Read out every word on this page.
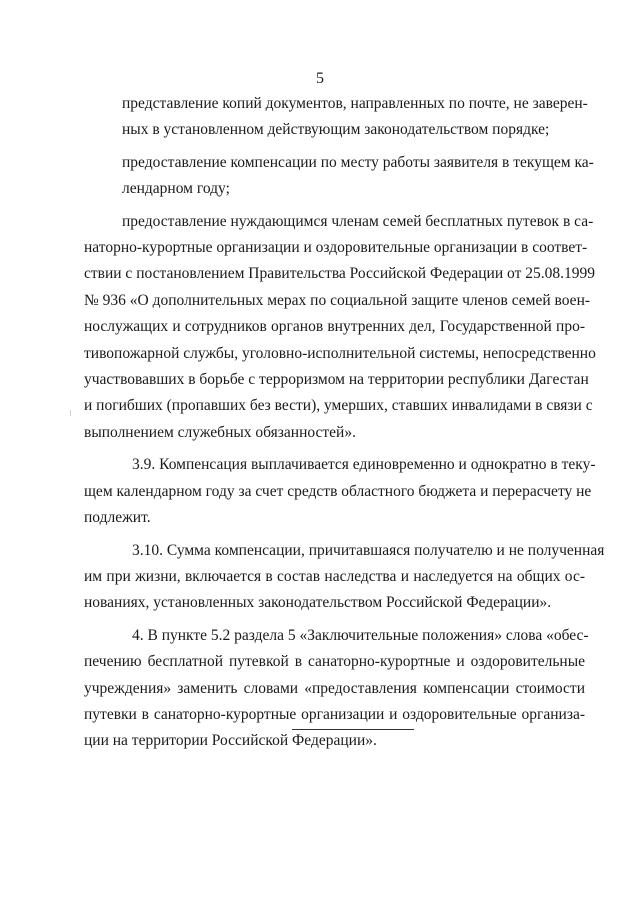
5

представление копий документов, направленных по почте, не заверен-
ных в установленном действующим законодательством порядке;

предоставление компенсации по месту работы заявителя в текущем ка-
лендарном году;

предоставление нуждающимся членам семей бесплатных путевок в са-
наторно-курортные организации и оздоровительные организации в соответ-
ствии с постановлением Правительства Российской Федерации от 25.08.1999
№ 936 «О дополнительных мерах по социальной защите членов семей воен-
нослужащих и сотрудников органов внутренних дел, Государственной про-
тивопожарной службы, уголовно-исполнительной системы, непосредственно
участвовавших в борьбе с терроризмом на территории республики Дагестан
и погибших (пропавших без вести), умерших, ставших инвалидами в связи с
выполнением служебных обязанностей».

3.9. Компенсация выплачивается единовременно и однократно в теку-
щем календарном году за счет средств областного бюджета и перерасчету не
подлежит.

3.10. Сумма компенсации, причитавшаяся получателю и не полученная
им при жизни, включается в состав наследства и наследуется на общих ос-
нованиях, установленных законодательством Российской Федерации».

4. В пункте 5.2 раздела 5 «Заключительные положения» слова «обес-
печению бесплатной путевкой в санаторно-курортные и оздоровительные
учреждения» заменить словами «предоставления компенсации стоимости
путевки в санаторно-курортные организации и оздоровительные организа-
ции на территории Российской Федерации».
